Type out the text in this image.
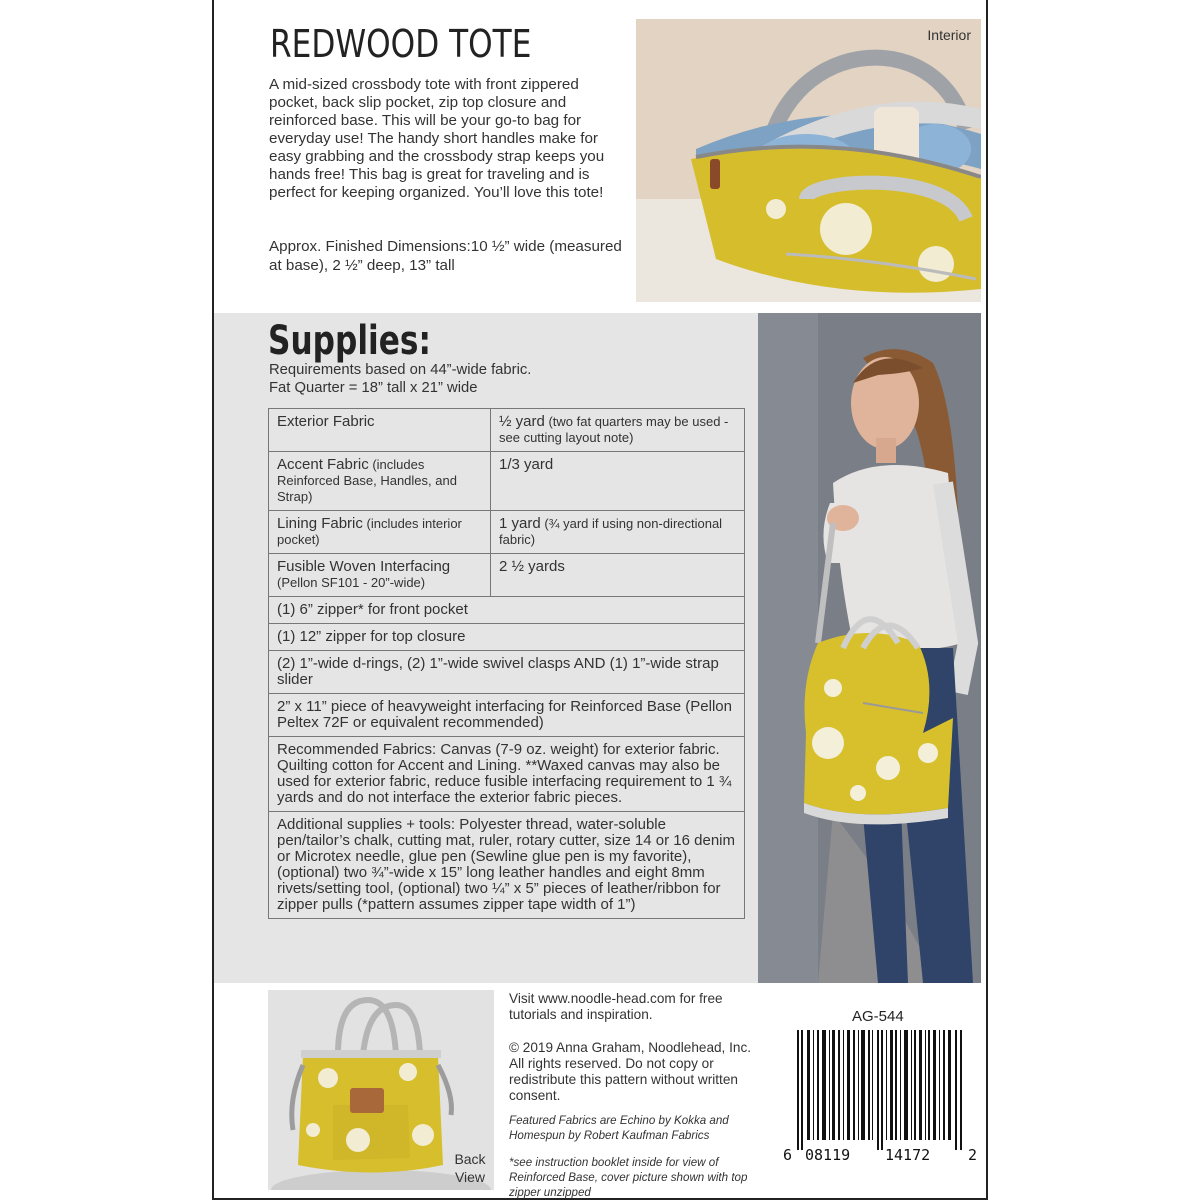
REDWOOD TOTE

A mid-sized crossbody tote with front zippered pocket, back slip pocket, zip top closure and reinforced base. This will be your go-to bag for everyday use! The handy short handles make for easy grabbing and the crossbody strap keeps you hands free! This bag is great for traveling and is perfect for keeping organized. You’ll love this tote!

Approx. Finished Dimensions:10 ½” wide (measured at base), 2 ½” deep, 13” tall

Interior
Supplies:
Requirements based on 44”-wide fabric.
Fat Quarter = 18” tall x 21” wide
Exterior Fabric	½ yard (two fat quarters may be used - see cutting layout note)
Accent Fabric (includes Reinforced Base, Handles, and Strap)	1/3 yard
Lining Fabric (includes interior pocket)	1 yard (¾ yard if using non-directional fabric)
Fusible Woven Interfacing
(Pellon SF101 - 20”-wide)	2 ½ yards
(1) 6” zipper* for front pocket	
(1) 12” zipper for top closure	
(2) 1”-wide d-rings, (2) 1”-wide swivel clasps AND (1) 1”-wide strap slider	
2” x 11” piece of heavyweight interfacing for Reinforced Base (Pellon Peltex 72F or equivalent recommended)	
Recommended Fabrics: Canvas (7-9 oz. weight) for exterior fabric. Quilting cotton for Accent and Lining. **Waxed canvas may also be used for exterior fabric, reduce fusible interfacing requirement to 1 ¾ yards and do not interface the exterior fabric pieces.	
Additional supplies + tools: Polyester thread, water-soluble pen/tailor’s chalk, cutting mat, ruler, rotary cutter, size 14 or 16 denim or Microtex needle, glue pen (Sewline glue pen is my favorite), (optional) two ¾”-wide x 15” long leather handles and eight 8mm rivets/setting tool, (optional) two ¼” x 5” pieces of leather/ribbon for zipper pulls (*pattern assumes zipper tape width of 1”)	
Back
View
Visit www.noodle-head.com for free tutorials and inspiration.
© 2019 Anna Graham, Noodlehead, Inc. All rights reserved. Do not copy or redistribute this pattern without written consent.
Featured Fabrics are Echino by Kokka and Homespun by Robert Kaufman Fabrics
*see instruction booklet inside for view of Reinforced Base, cover picture shown with top zipper unzipped
AG-544
6 08119 14172	2
